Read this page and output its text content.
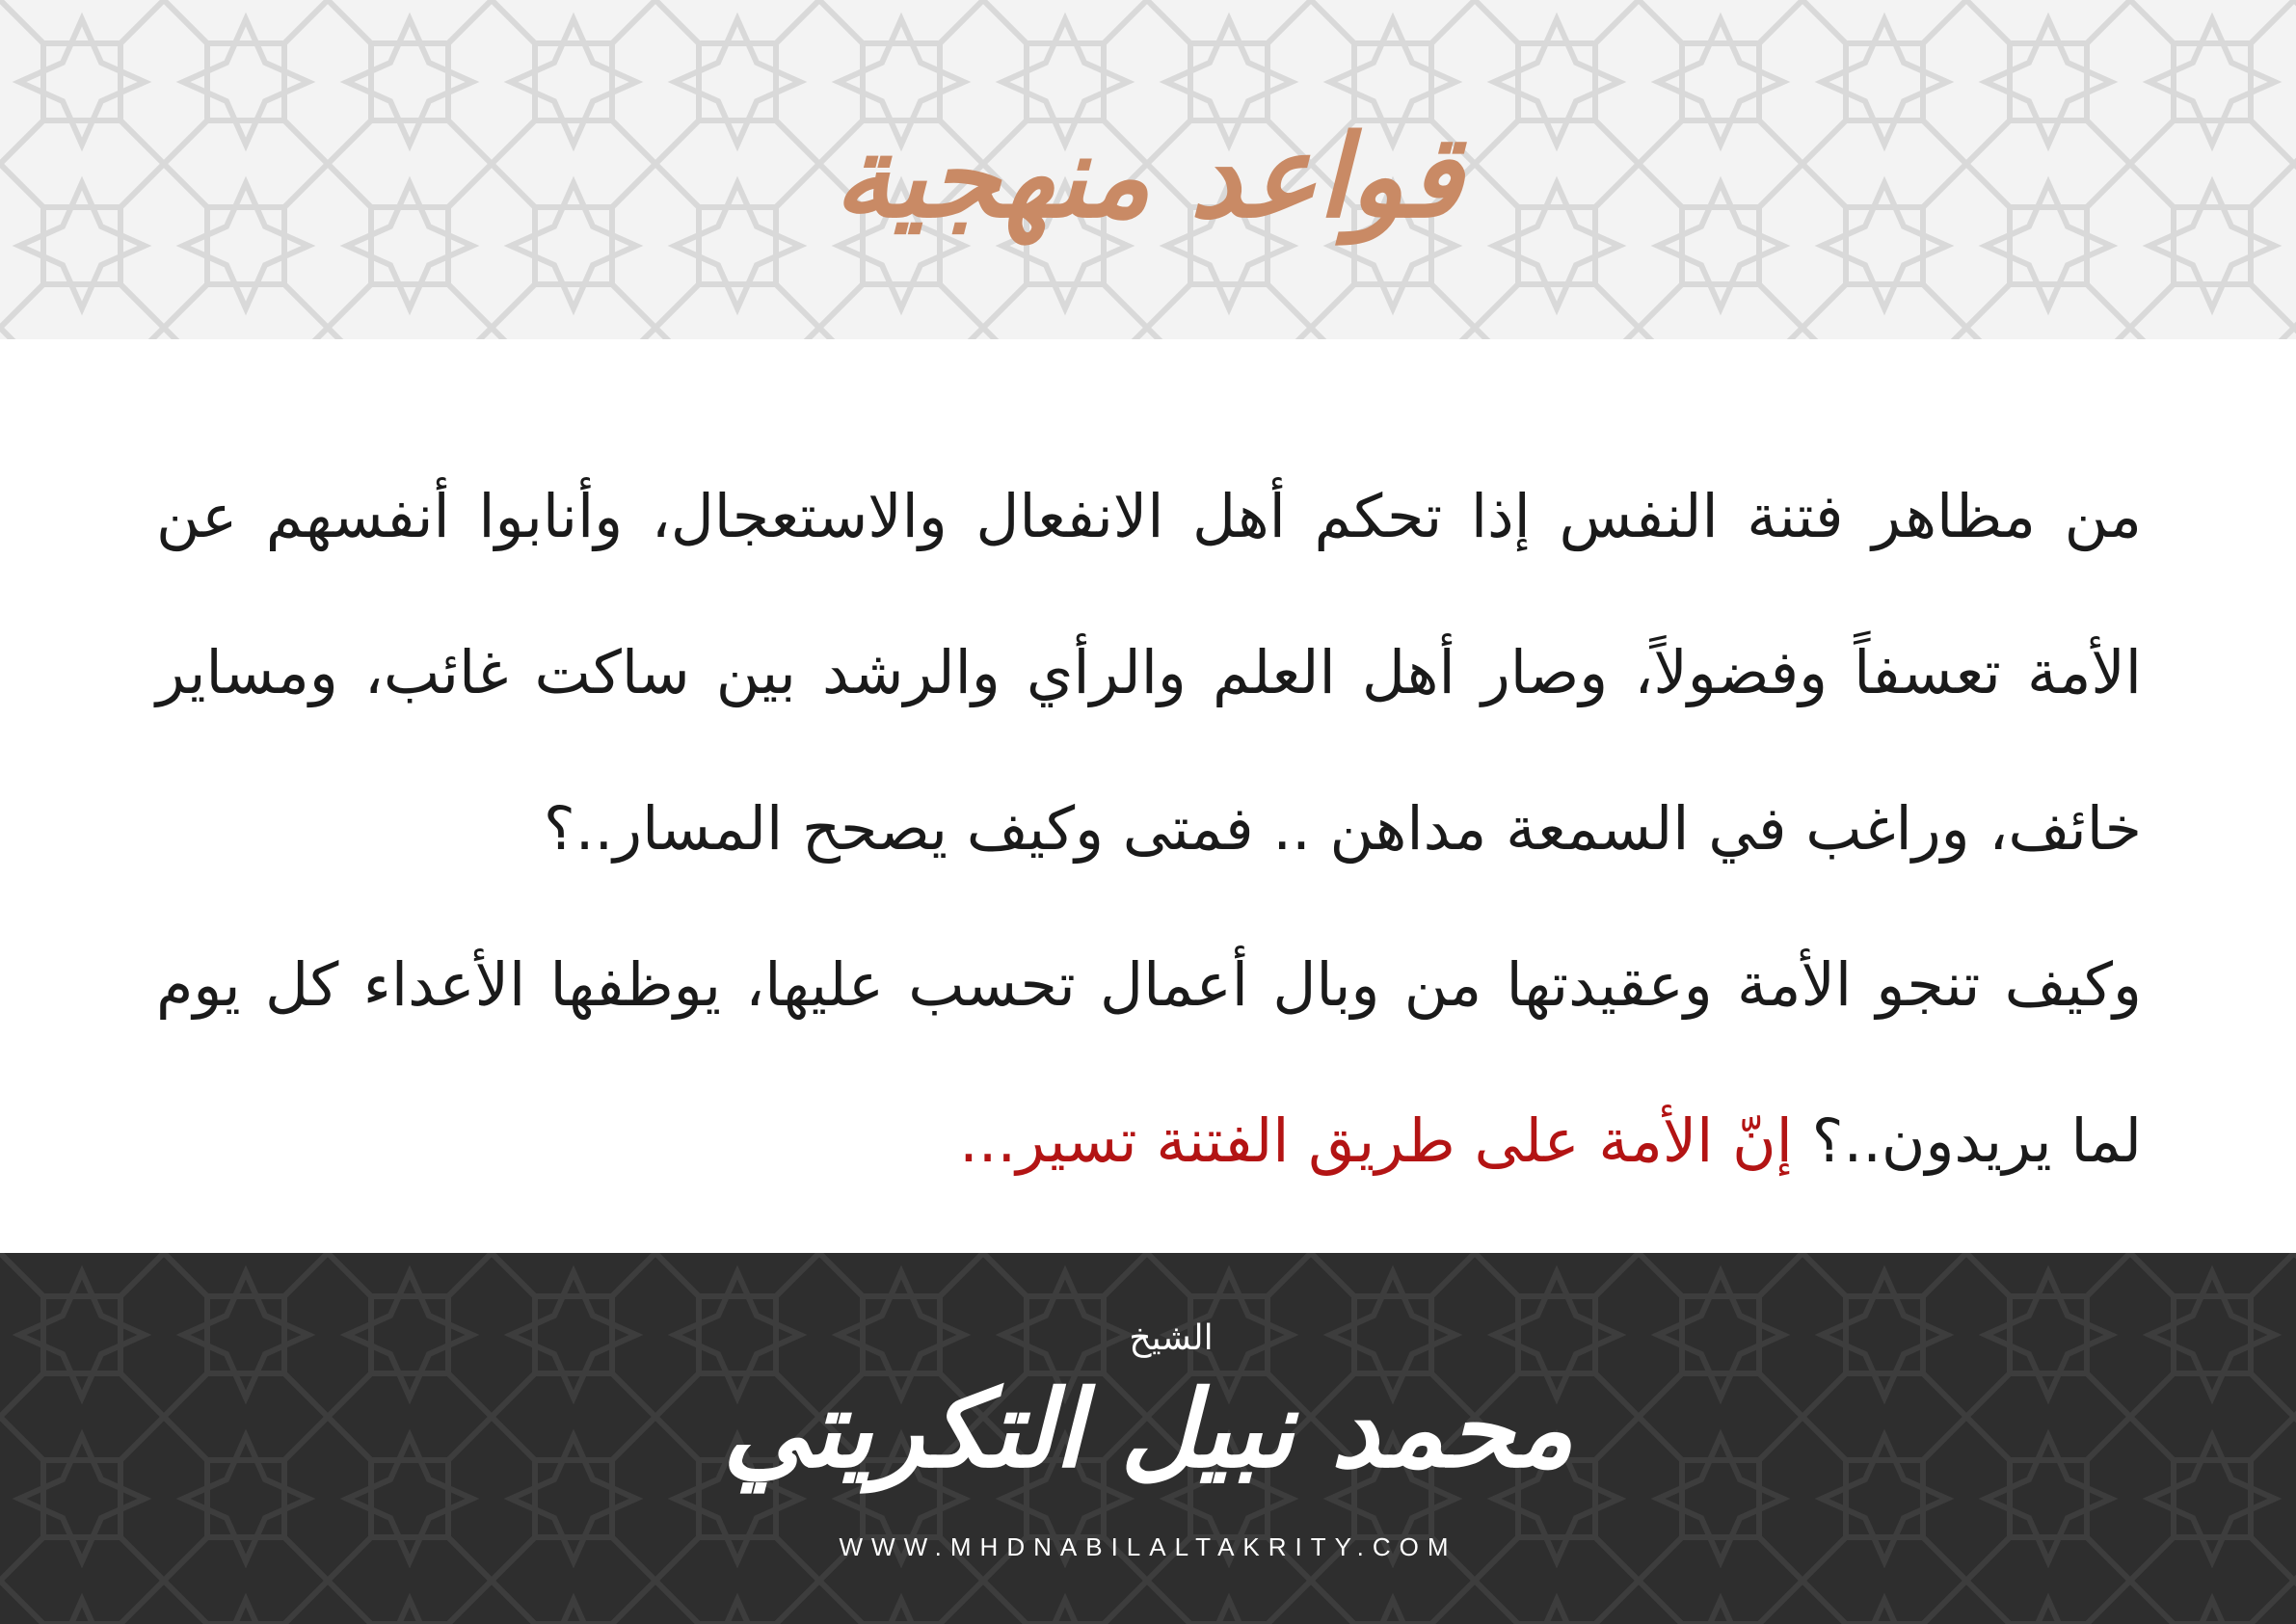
قواعد منهجية
من مظاهر فتنة النفس إذا تحكم أهل الانفعال والاستعجال، وأنابوا أنفسهم عن الأمة تعسفاً وفضولاً، وصار أهل العلم والرأي والرشد بين ساكت غائب، ومساير خائف، وراغب في السمعة مداهن .. فمتى وكيف يصحح المسار..؟
وكيف تنجو الأمة وعقيدتها من وبال أعمال تحسب عليها، يوظفها الأعداء كل يوم لما يريدون..؟ إنّ الأمة على طريق الفتنة تسير...
الشيخ
محمد نبيل التكريتي
WWW.MHDNABILALTAKRITY.COM
